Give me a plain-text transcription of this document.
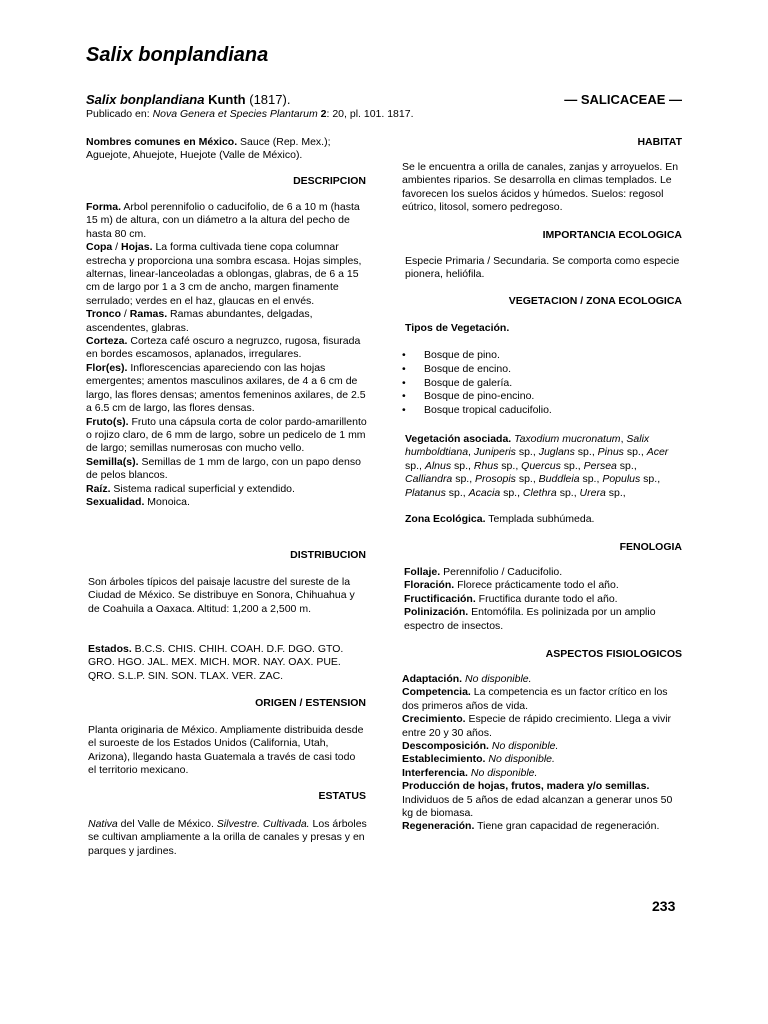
Salix bonplandiana
Salix bonplandiana Kunth (1817).	— SALICACEAE —
Publicado en: Nova Genera et Species Plantarum 2: 20, pl. 101. 1817.

Nombres comunes en México. Sauce (Rep. Mex.); Aguejote, Ahuejote, Huejote (Valle de México).

DESCRIPCION

Forma. Arbol perennifolio o caducifolio, de 6 a 10 m (hasta 15 m) de altura, con un diámetro a la altura del pecho de hasta 80 cm.

Copa / Hojas. La forma cultivada tiene copa columnar estrecha y proporciona una sombra escasa. Hojas simples, alternas, linear-lanceoladas a oblongas, glabras, de 6 a 15 cm de largo por 1 a 3 cm de ancho, margen finamente serrulado; verdes en el haz, glaucas en el envés.

Tronco / Ramas. Ramas abundantes, delgadas, ascendentes, glabras.

Corteza. Corteza café oscuro a negruzco, rugosa, fisurada en bordes escamosos, aplanados, irregulares.

Flor(es). Inflorescencias apareciendo con las hojas emergentes; amentos masculinos axilares, de 4 a 6 cm de largo, las flores densas; amentos femeninos axilares, de 2.5 a 6.5 cm de largo, las flores densas.

Fruto(s). Fruto una cápsula corta de color pardo-amarillento o rojizo claro, de 6 mm de largo, sobre un pedicelo de 1 mm de largo; semillas numerosas con mucho vello.

Semilla(s). Semillas de 1 mm de largo, con un papo denso de pelos blancos.

Raíz. Sistema radical superficial y extendido.

Sexualidad. Monoica.

DISTRIBUCION

Son árboles típicos del paisaje lacustre del sureste de la Ciudad de México. Se distribuye en Sonora, Chihuahua y de Coahuila a Oaxaca. Altitud: 1,200 a 2,500 m.

Estados. B.C.S. CHIS. CHIH. COAH. D.F. DGO. GTO. GRO. HGO. JAL. MEX. MICH. MOR. NAY. OAX. PUE. QRO. S.L.P. SIN. SON. TLAX. VER. ZAC.

ORIGEN / ESTENSION

Planta originaria de México. Ampliamente distribuida desde el suroeste de los Estados Unidos (California, Utah, Arizona), llegando hasta Guatemala a través de casi todo el territorio mexicano.

ESTATUS

Nativa del Valle de México. Silvestre. Cultivada. Los árboles se cultivan ampliamente a la orilla de canales y presas y en parques y jardines.

HABITAT

Se le encuentra a orilla de canales, zanjas y arroyuelos. En ambientes riparios. Se desarrolla en climas templados. Le favorecen los suelos ácidos y húmedos. Suelos: regosol eútrico, litosol, somero pedregoso.

IMPORTANCIA ECOLOGICA

Especie Primaria / Secundaria. Se comporta como especie pionera, heliófila.

VEGETACION / ZONA ECOLOGICA

Tipos de Vegetación.

• Bosque de pino.
• Bosque de encino.
• Bosque de galería.
• Bosque de pino-encino.
• Bosque tropical caducifolio.

Vegetación asociada. Taxodium mucronatum, Salix humboldtiana, Juniperis sp., Juglans sp., Pinus sp., Acer sp., Alnus sp., Rhus sp., Quercus sp., Persea sp., Calliandra sp., Prosopis sp., Buddleia sp., Populus sp., Platanus sp., Acacia sp., Clethra sp., Urera sp.,

Zona Ecológica. Templada subhúmeda.

FENOLOGIA

Follaje. Perennifolio / Caducifolio.

Floración. Florece prácticamente todo el año.

Fructificación. Fructifica durante todo el año.

Polinización. Entomófila. Es polinizada por un amplio espectro de insectos.

ASPECTOS FISIOLOGICOS

Adaptación. No disponible.

Competencia. La competencia es un factor crítico en los dos primeros años de vida.

Crecimiento. Especie de rápido crecimiento. Llega a vivir entre 20 y 30 años.

Descomposición. No disponible.

Establecimiento. No disponible.

Interferencia. No disponible.

Producción de hojas, frutos, madera y/o semillas.
Individuos de 5 años de edad alcanzan a generar unos 50 kg de biomasa.

Regeneración. Tiene gran capacidad de regeneración.

233
